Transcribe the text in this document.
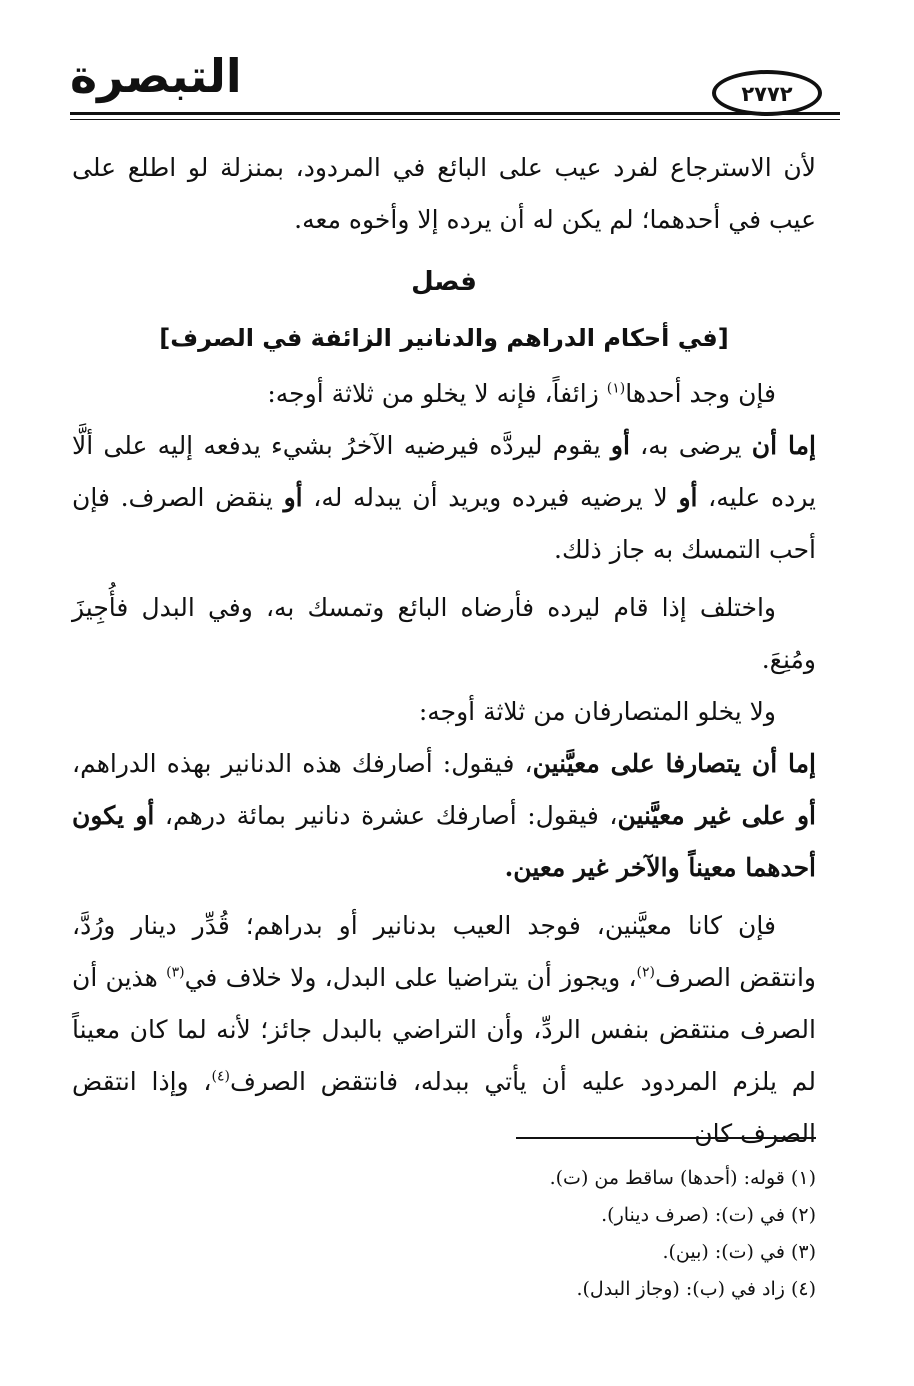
التبصرة	٢٧٧٢

لأن الاسترجاع لفرد عيب على البائع في المردود، بمنزلة لو اطلع على عيب في أحدهما؛ لم يكن له أن يرده إلا وأخوه معه.

فصل
[في أحكام الدراهم والدنانير الزائفة في الصرف]

فإن وجد أحدها$^{(١)}$ زائفاً، فإنه لا يخلو من ثلاثة أوجه:

إما أن يرضى به، أو يقوم ليردَّه فيرضيه الآخرُ بشيء يدفعه إليه على ألَّا يرده عليه، أو لا يرضيه فيرده ويريد أن يبدله له، أو ينقض الصرف. فإن أحب التمسك به جاز ذلك.

واختلف إذا قام ليرده فأرضاه البائع وتمسك به، وفي البدل فأُجِيزَ ومُنِعَ.

ولا يخلو المتصارفان من ثلاثة أوجه:

إما أن يتصارفا على معيَّنين، فيقول: أصارفك هذه الدنانير بهذه الدراهم، أو على غير معيَّنين، فيقول: أصارفك عشرة دنانير بمائة درهم، أو يكون أحدهما معيناً والآخر غير معين.

فإن كانا معيَّنين، فوجد العيب بدنانير أو بدراهم؛ قُدِّر دينار ورُدَّ، وانتقض الصرف$^{(٢)}$، ويجوز أن يتراضيا على البدل، ولا خلاف في$^{(٣)}$ هذين أن الصرف منتقض بنفس الردِّ، وأن التراضي بالبدل جائز؛ لأنه لما كان معيناً لم يلزم المردود عليه أن يأتي ببدله، فانتقض الصرف$^{(٤)}$، وإذا انتقض الصرف كان

(١) قوله: (أحدها) ساقط من (ت).

(٢) في (ت): (صرف دينار).

(٣) في (ت): (بين).

(٤) زاد في (ب): (وجاز البدل).
